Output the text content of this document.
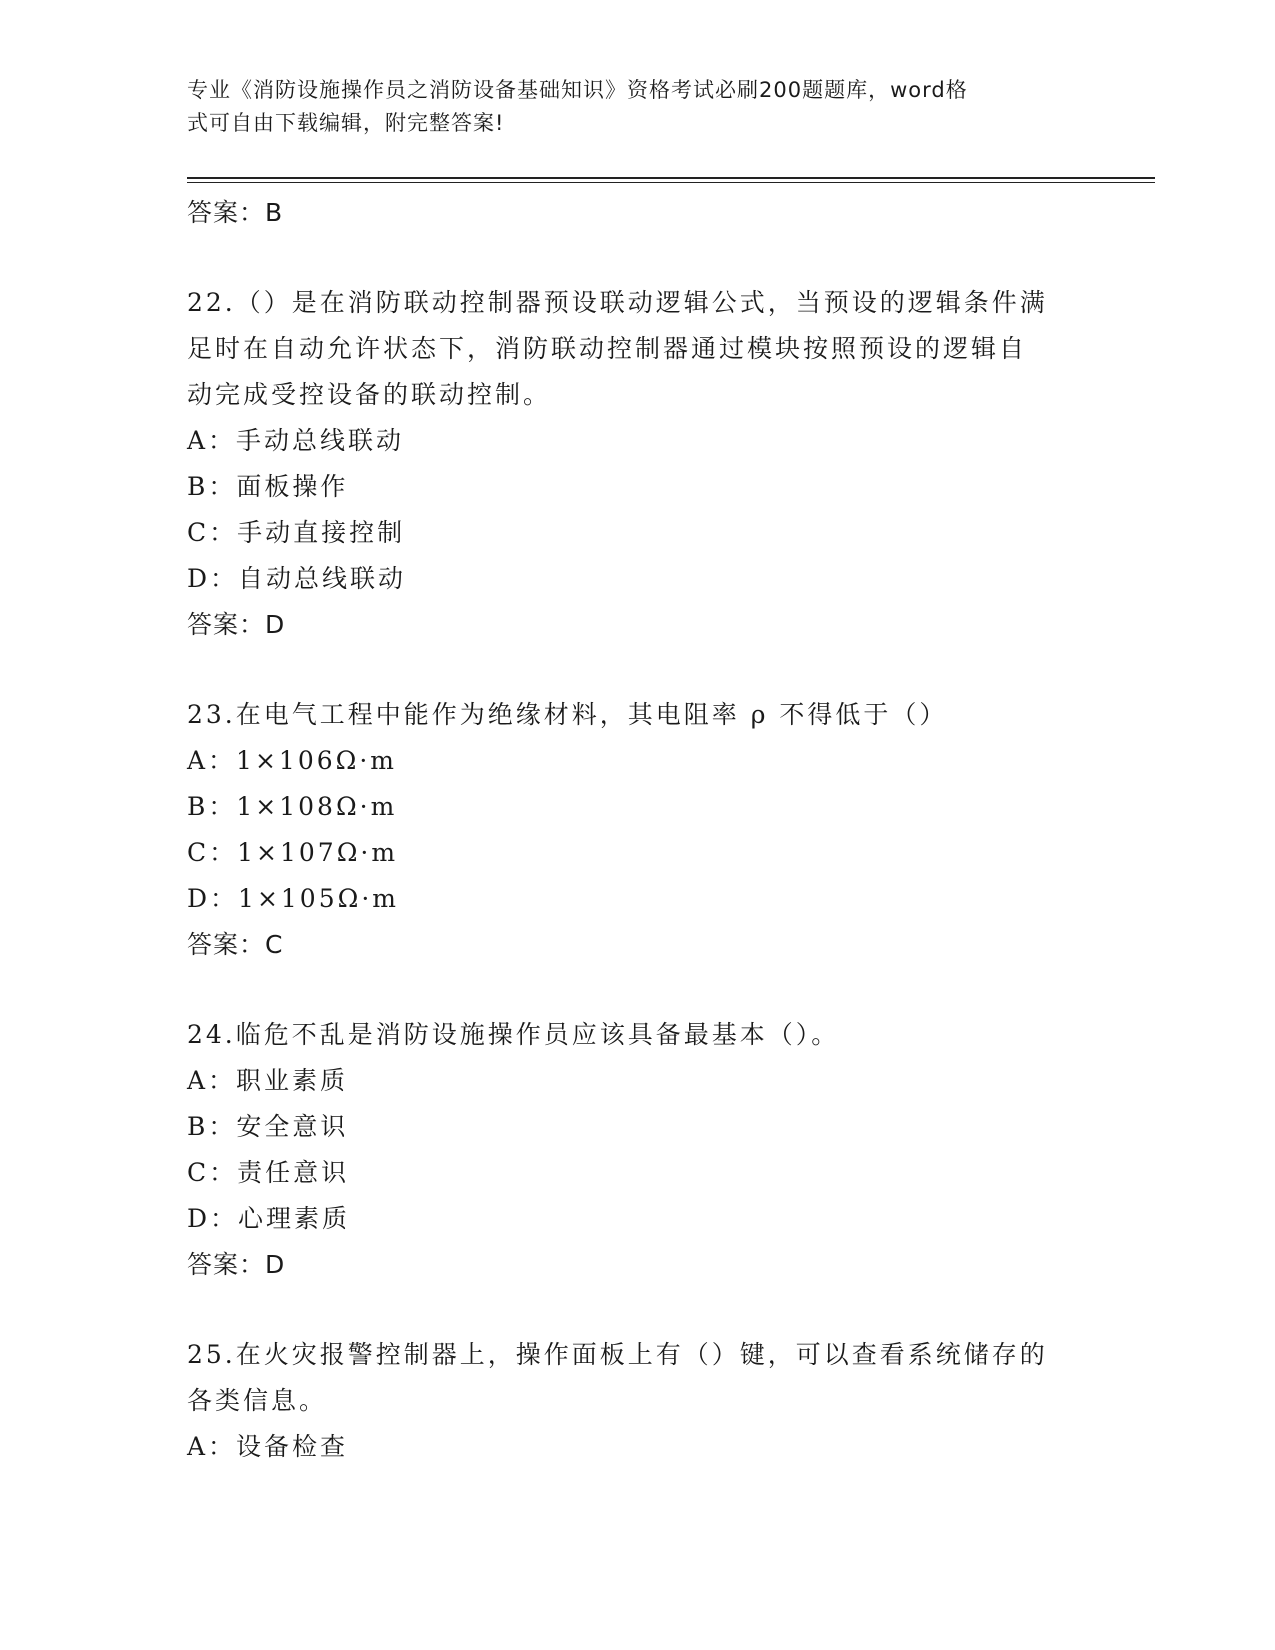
专业《消防设施操作员之消防设备基础知识》资格考试必刷200题题库，word格
式可自由下载编辑，附完整答案!
答案：B
22.（）是在消防联动控制器预设联动逻辑公式，当预设的逻辑条件满
足时在自动允许状态下，消防联动控制器通过模块按照预设的逻辑自
动完成受控设备的联动控制。
A：手动总线联动
B：面板操作
C：手动直接控制
D：自动总线联动
答案：D
23.在电气工程中能作为绝缘材料，其电阻率 ρ 不得低于（）
A：1×106Ω·m
B：1×108Ω·m
C：1×107Ω·m
D：1×105Ω·m
答案：C
24.临危不乱是消防设施操作员应该具备最基本（）。
A：职业素质
B：安全意识
C：责任意识
D：心理素质
答案：D
25.在火灾报警控制器上，操作面板上有（）键，可以查看系统储存的
各类信息。
A：设备检查
